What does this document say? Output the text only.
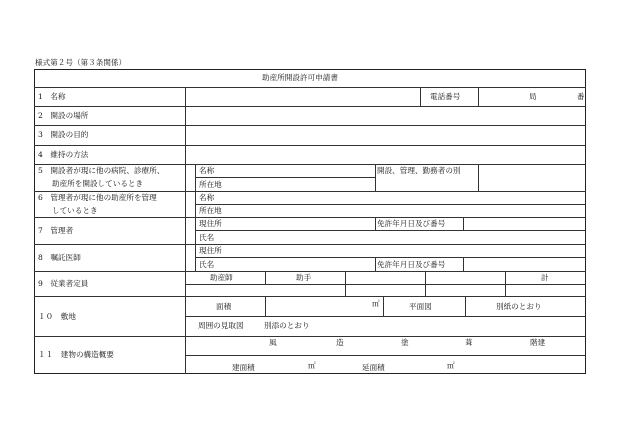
様式第２号（第３条関係）
助産所開設許可申請書
1　名称	電話番号	局	番
2　開設の場所
3　開設の目的
4　維持の方法
5　開設者が現に他の病院、診療所、
助産所を開設しているとき
名称
所在地
開設、管理、勤務者の別
6　管理者が現に他の助産所を管理
しているとき
名称
所在地
7　管理者
現住所	免許年月日及び番号
氏名
8　嘱託医師
現住所
氏名	免許年月日及び番号
9　従業者定員
助産師	助手	計
１０　敷地
面積	㎡	平面図	別紙のとおり
周囲の見取図	別添のとおり
１１　建物の構造概要
風	造	塗	葺	階建
建面積	㎡	延面積	㎡
